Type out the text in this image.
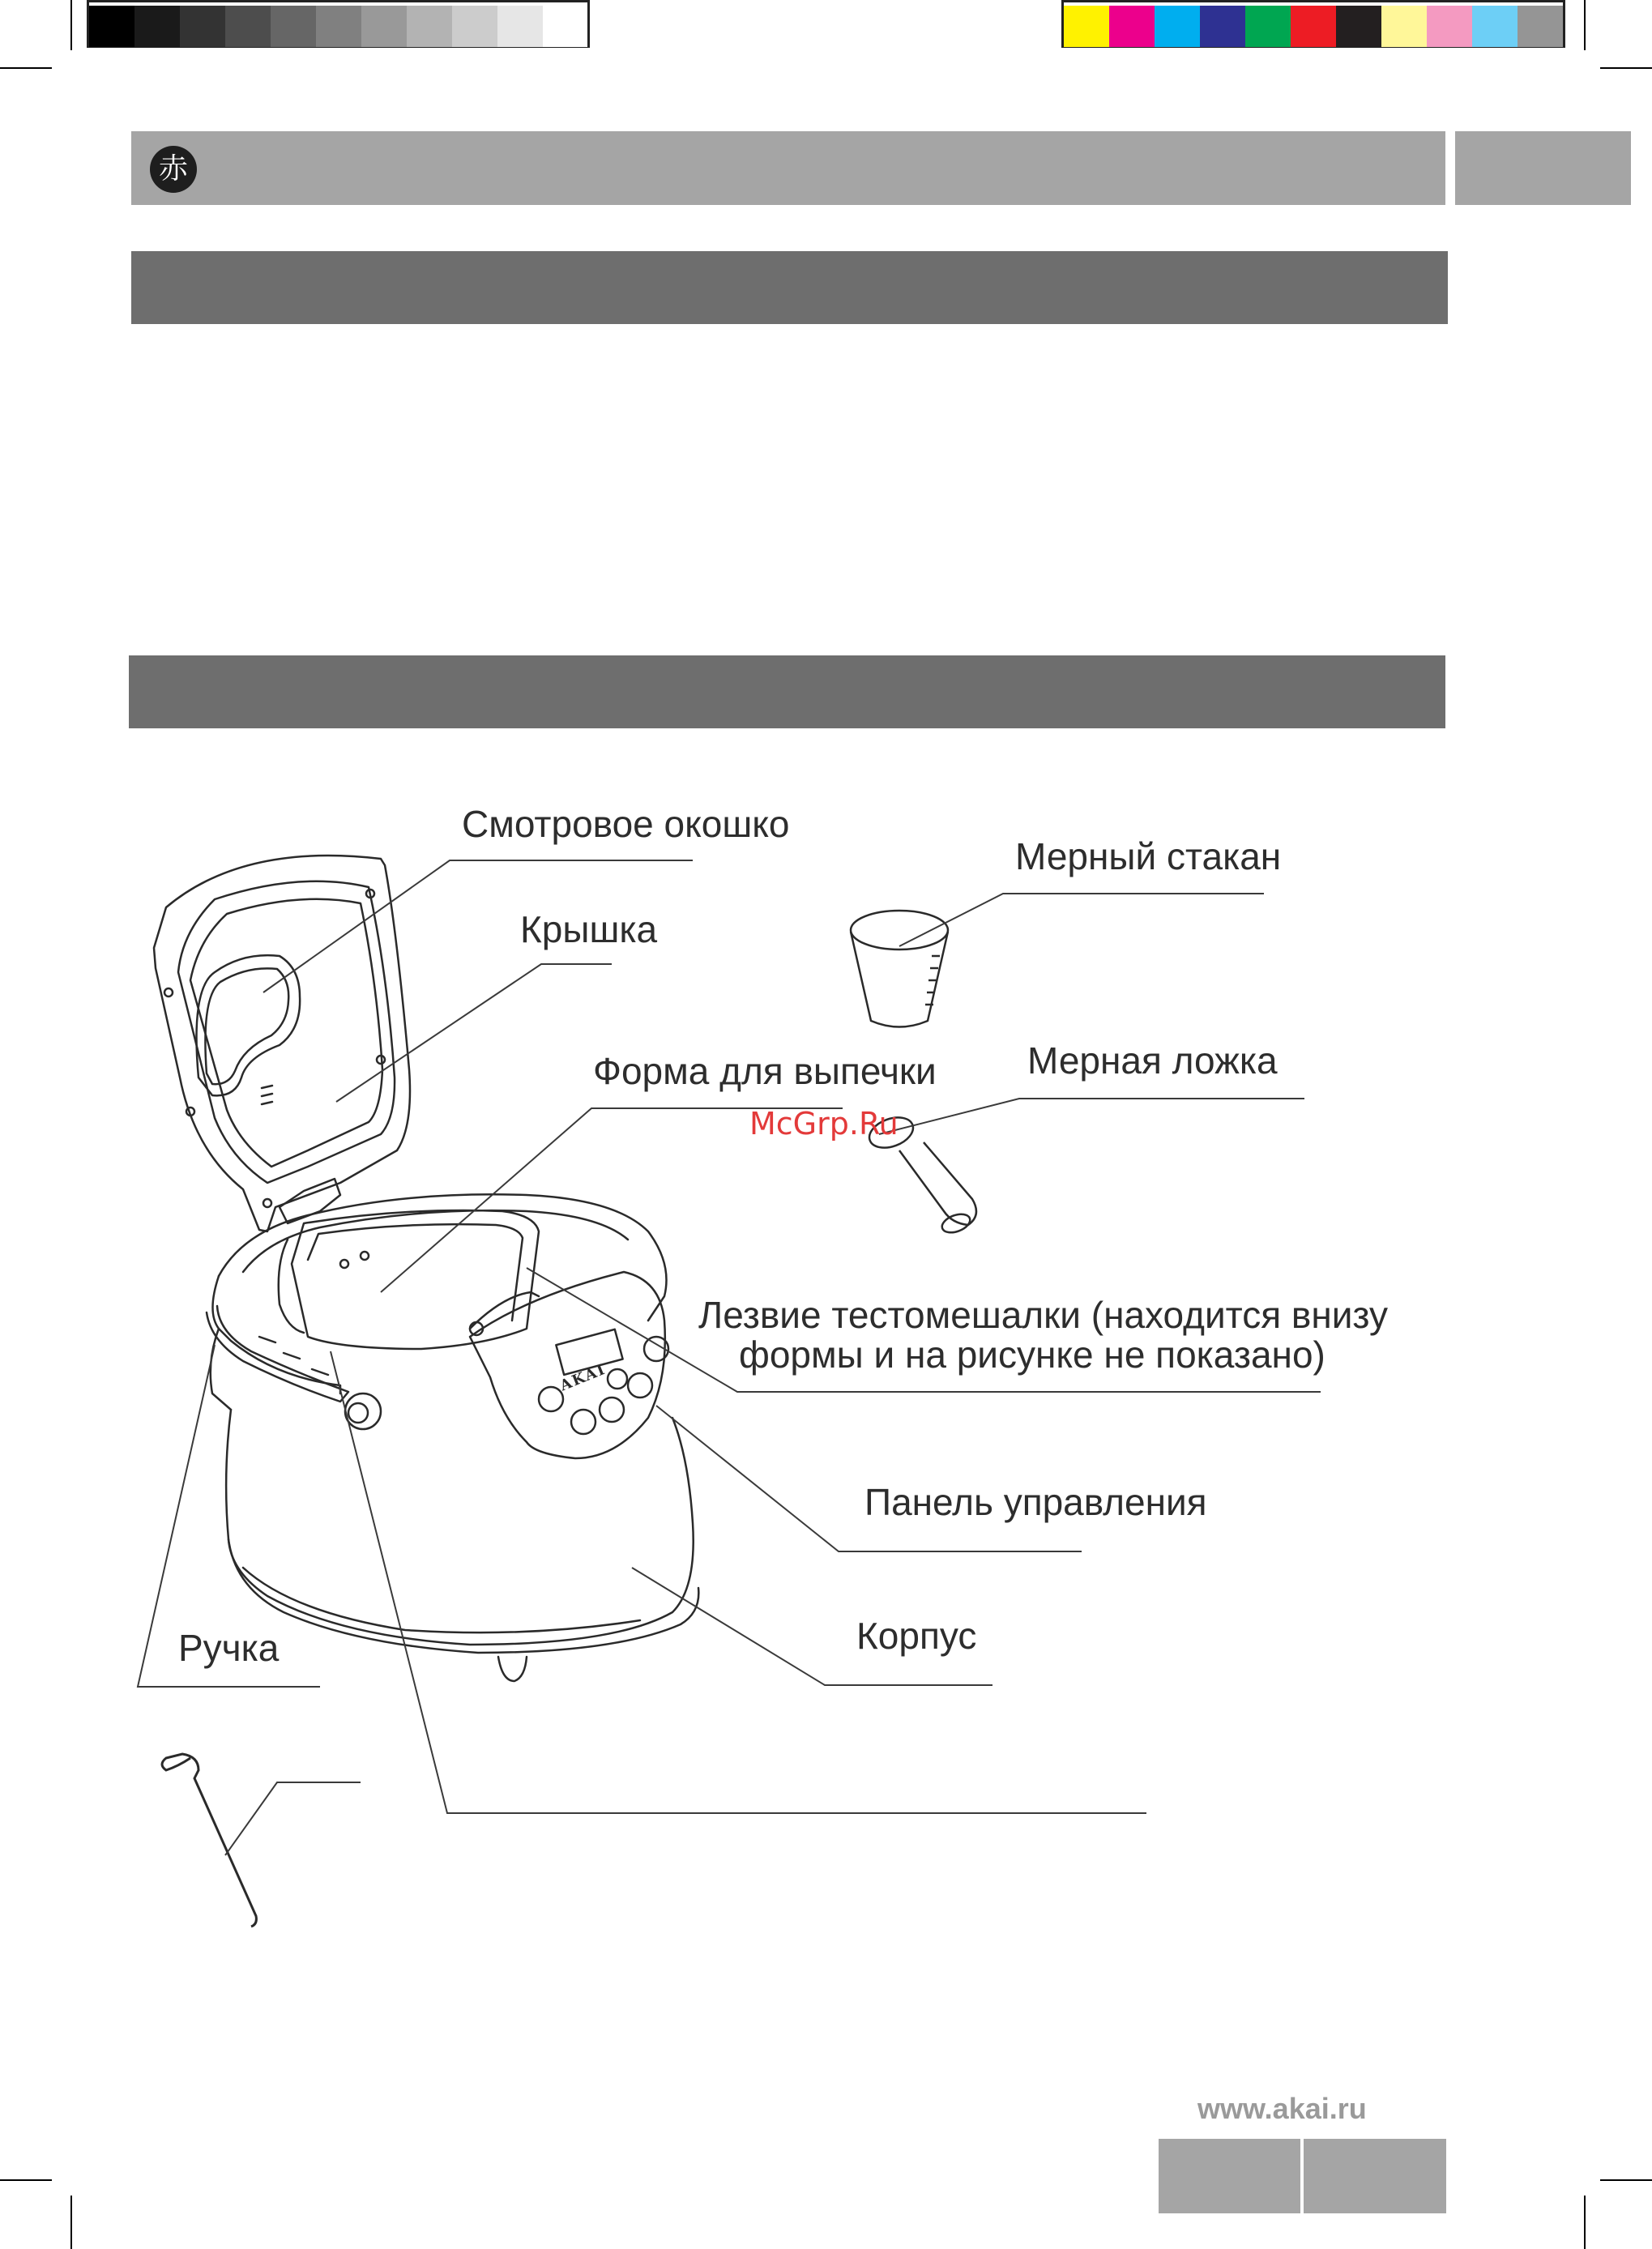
赤
Смотровое окошко
Крышка
Форма для выпечки
Мерный стакан
Мерная ложка
Лезвие тестомешалки (находится внизу
формы и на рисунке не показано)
Панель управления
Корпус
Ручка
AKAI
McGrp.Ru
www.akai.ru
